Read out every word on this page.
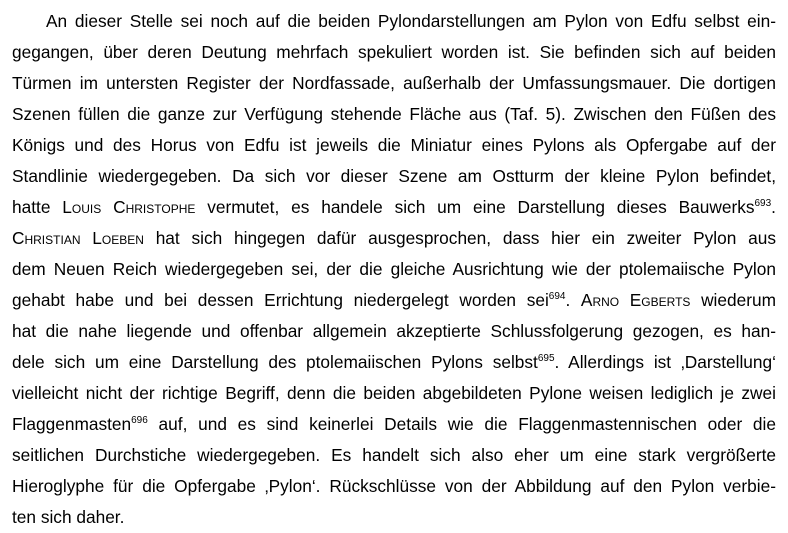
An dieser Stelle sei noch auf die beiden Pylondarstellungen am Pylon von Edfu selbst ein-
gegangen, über deren Deutung mehrfach spekuliert worden ist. Sie befinden sich auf beiden
Türmen im untersten Register der Nordfassade, außerhalb der Umfassungsmauer. Die dortigen
Szenen füllen die ganze zur Verfügung stehende Fläche aus (Taf. 5). Zwischen den Füßen des
Königs und des Horus von Edfu ist jeweils die Miniatur eines Pylons als Opfergabe auf der
Standlinie wiedergegeben. Da sich vor dieser Szene am Ostturm der kleine Pylon befindet,
hatte Louis Christophe vermutet, es handele sich um eine Darstellung dieses Bauwerks$^{693}$.
Christian Loeben hat sich hingegen dafür ausgesprochen, dass hier ein zweiter Pylon aus
dem Neuen Reich wiedergegeben sei, der die gleiche Ausrichtung wie der ptolemaiische Pylon
gehabt habe und bei dessen Errichtung niedergelegt worden sei$^{694}$. Arno Egberts wiederum
hat die nahe liegende und offenbar allgemein akzeptierte Schlussfolgerung gezogen, es han-
dele sich um eine Darstellung des ptolemaiischen Pylons selbst$^{695}$. Allerdings ist ‚Darstellung‘
vielleicht nicht der richtige Begriff, denn die beiden abgebildeten Pylone weisen lediglich je zwei
Flaggenmasten$^{696}$ auf, und es sind keinerlei Details wie die Flaggenmastennischen oder die
seitlichen Durchstiche wiedergegeben. Es handelt sich also eher um eine stark vergrößerte
Hieroglyphe für die Opfergabe ‚Pylon‘. Rückschlüsse von der Abbildung auf den Pylon verbie-
ten sich daher.
